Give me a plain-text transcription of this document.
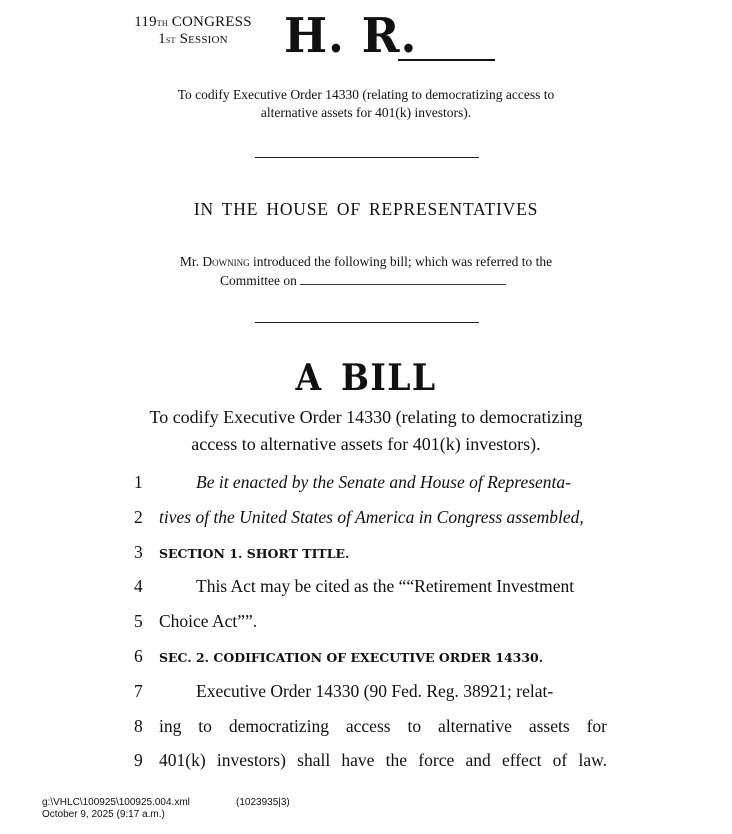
119th CONGRESS
1st Session	H. R.
To codify Executive Order 14330 (relating to democratizing access to
alternative assets for 401(k) investors).
IN THE HOUSE OF REPRESENTATIVES
Mr. Downing introduced the following bill; which was referred to the
Committee on
A BILL
To codify Executive Order 14330 (relating to democratizing
access to alternative assets for 401(k) investors).
1	Be it enacted by the Senate and House of Representa-
2 tives of the United States of America in Congress assembled,
3	SECTION 1. SHORT TITLE.
4	This Act may be cited as the ““Retirement Investment
5 Choice Act””.
6	SEC. 2. CODIFICATION OF EXECUTIVE ORDER 14330.
7	Executive Order 14330 (90 Fed. Reg. 38921; relat-
8 ing to democratizing access to alternative assets for
9 401(k) investors) shall have the force and effect of law.
g:\VHLC\100925\100925.004.xml
October 9, 2025 (9:17 a.m.)
(1023935|3)
